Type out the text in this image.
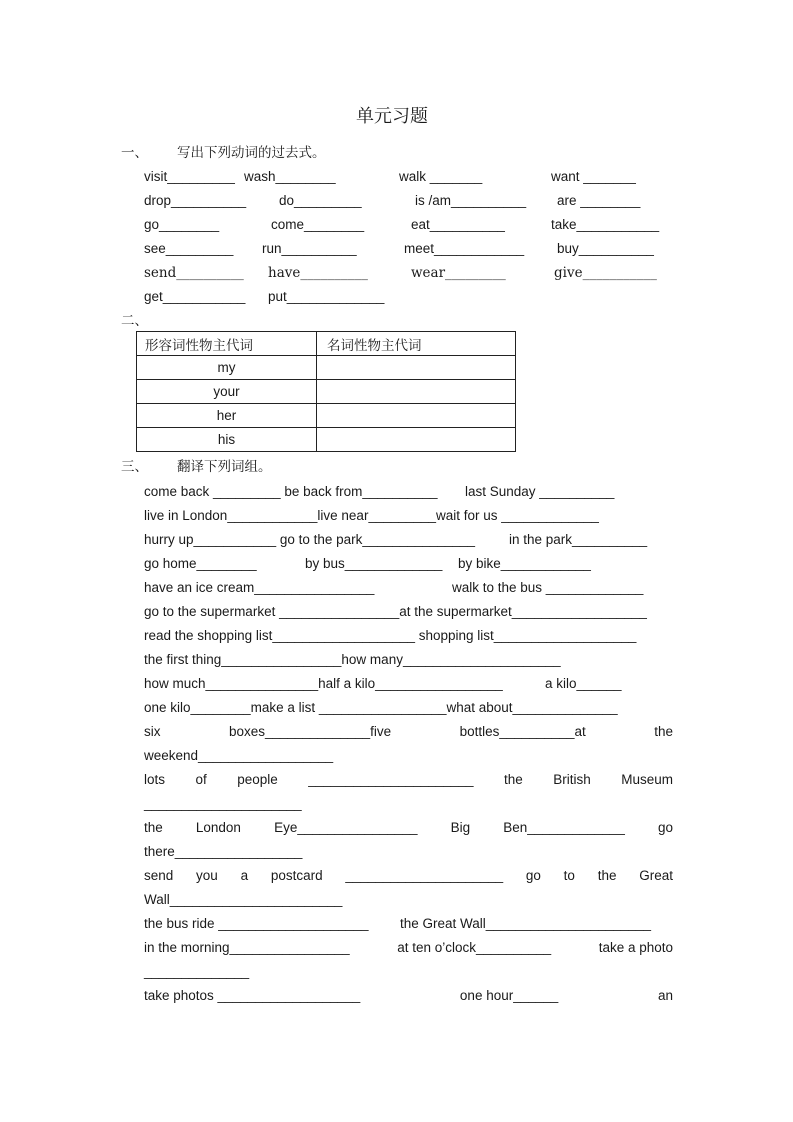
单元习题
一、 写出下列动词的过去式。
visit_________ wash________	walk _______	want _______
drop__________ do_________	is /am__________ are ________
go________	come________	eat__________	take___________
see_________ run__________	meet____________ buy__________
send__________ have__________	wear_________	give___________
get___________ put_____________
二、
形容词性物主代词	名词性物主代词
my	
your	
her	
his	
三、 翻译下列词组。
come back _________ be back from__________ last Sunday __________
live in London____________live near_________wait for us _____________
hurry up___________ go to the park_______________	in the park__________
go home________	by bus_____________ by bike____________
have an ice cream________________	walk to the bus _____________
go to the supermarket ________________at the supermarket__________________
read the shopping list___________________ shopping list___________________
the first thing________________how many_____________________
how much_______________half a kilo_________________	a kilo______
one kilo________make a list _________________what about______________
six	boxes______________five	bottles__________at	the
weekend__________________
lots of people ______________________ the British Museum
_____________________
the London Eye________________ Big Ben_____________ go
there_________________
send you a postcard _____________________ go to the Great
Wall_______________________
the bus ride ____________________ the Great Wall______________________
in the morning________________	at ten o’clock__________	take a photo
______________
take photos ___________________	one hour______	an
